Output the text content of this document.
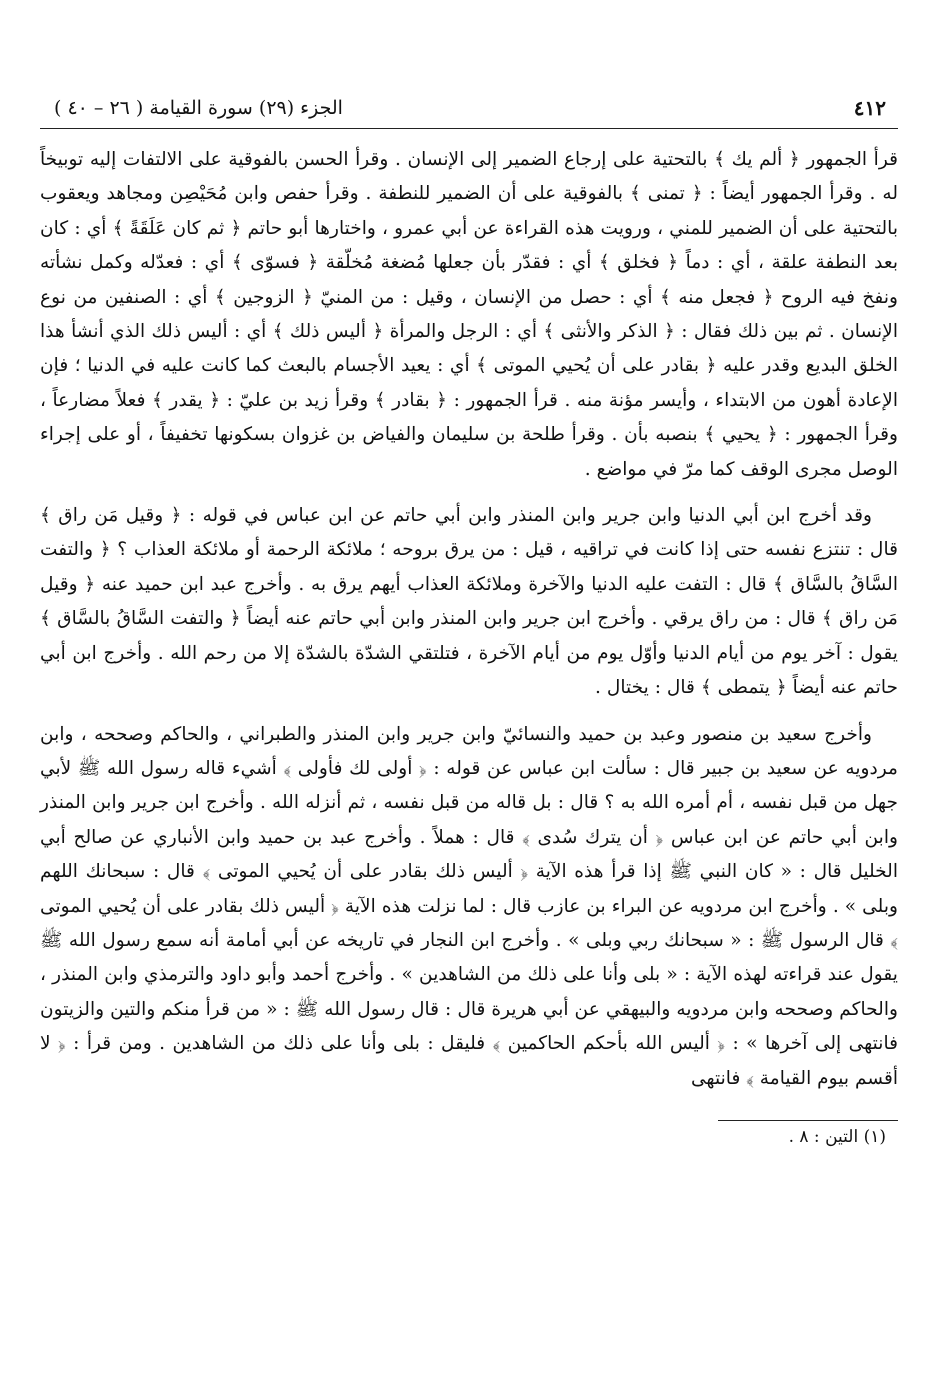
٤١٢
الجزء (٢٩) سورة القيامة ( ٢٦ – ٤٠ )

قرأ الجمهور ﴿ ألم يك ﴾ بالتحتية على إرجاع الضمير إلى الإنسان . وقرأ الحسن بالفوقية على الالتفات إليه توبيخاً له . وقرأ الجمهور أيضاً : ﴿ تمنى ﴾ بالفوقية على أن الضمير للنطفة . وقرأ حفص وابن مُحَيْصِن ومجاهد ويعقوب بالتحتية على أن الضمير للمني ، ورويت هذه القراءة عن أبي عمرو ، واختارها أبو حاتم ﴿ ثم كان عَلَقَةً ﴾ أي : كان بعد النطفة علقة ، أي : دماً ﴿ فخلق ﴾ أي : فقدّر بأن جعلها مُضغة مُخلّقة ﴿ فسوّى ﴾ أي : فعدّله وكمل نشأته ونفخ فيه الروح ﴿ فجعل منه ﴾ أي : حصل من الإنسان ، وقيل : من المنيّ ﴿ الزوجين ﴾ أي : الصنفين من نوع الإنسان . ثم بين ذلك فقال : ﴿ الذكر والأنثى ﴾ أي : الرجل والمرأة ﴿ أليس ذلك ﴾ أي : أليس ذلك الذي أنشأ هذا الخلق البديع وقدر عليه ﴿ بقادر على أن يُحيي الموتى ﴾ أي : يعيد الأجسام بالبعث كما كانت عليه في الدنيا ؛ فإن الإعادة أهون من الابتداء ، وأيسر مؤنة منه . قرأ الجمهور : ﴿ بقادر ﴾ وقرأ زيد بن عليّ : ﴿ يقدر ﴾ فعلاً مضارعاً ، وقرأ الجمهور : ﴿ يحيي ﴾ بنصبه بأن . وقرأ طلحة بن سليمان والفياض بن غزوان بسكونها تخفيفاً ، أو على إجراء الوصل مجرى الوقف كما مرّ في مواضع .

وقد أخرج ابن أبي الدنيا وابن جرير وابن المنذر وابن أبي حاتم عن ابن عباس في قوله : ﴿ وقيل مَن راق ﴾ قال : تنتزع نفسه حتى إذا كانت في تراقيه ، قيل : من يرق بروحه ؛ ملائكة الرحمة أو ملائكة العذاب ؟ ﴿ والتفت السَّاقُ بالسَّاق ﴾ قال : التفت عليه الدنيا والآخرة وملائكة العذاب أيهم يرق به . وأخرج عبد ابن حميد عنه ﴿ وقيل مَن راق ﴾ قال : من راق يرقي . وأخرج ابن جرير وابن المنذر وابن أبي حاتم عنه أيضاً ﴿ والتفت السَّاقُ بالسَّاق ﴾ يقول : آخر يوم من أيام الدنيا وأوّل يوم من أيام الآخرة ، فتلتقي الشدّة بالشدّة إلا من رحم الله . وأخرج ابن أبي حاتم عنه أيضاً ﴿ يتمطى ﴾ قال : يختال .

وأخرج سعيد بن منصور وعبد بن حميد والنسائيّ وابن جرير وابن المنذر والطبراني ، والحاكم وصححه ، وابن مردويه عن سعيد بن جبير قال : سألت ابن عباس عن قوله : ﴿ أولى لك فأولى ﴾ أشيء قاله رسول الله ﷺ لأبي جهل من قبل نفسه ، أم أمره الله به ؟ قال : بل قاله من قبل نفسه ، ثم أنزله الله . وأخرج ابن جرير وابن المنذر وابن أبي حاتم عن ابن عباس ﴿ أن يترك سُدى ﴾ قال : هملاً . وأخرج عبد بن حميد وابن الأنباري عن صالح أبي الخليل قال : « كان النبي ﷺ إذا قرأ هذه الآية ﴿ أليس ذلك بقادر على أن يُحيي الموتى ﴾ قال : سبحانك اللهم وبلى » . وأخرج ابن مردويه عن البراء بن عازب قال : لما نزلت هذه الآية ﴿ أليس ذلك بقادر على أن يُحيي الموتى ﴾ قال الرسول ﷺ : « سبحانك ربي وبلى » . وأخرج ابن النجار في تاريخه عن أبي أمامة أنه سمع رسول الله ﷺ يقول عند قراءته لهذه الآية : « بلى وأنا على ذلك من الشاهدين » . وأخرج أحمد وأبو داود والترمذي وابن المنذر ، والحاكم وصححه وابن مردويه والبيهقي عن أبي هريرة قال : قال رسول الله ﷺ : « من قرأ منكم والتين والزيتون فانتهى إلى آخرها » : ﴿ أليس الله بأحكم الحاكمين ﴾ فليقل : بلى وأنا على ذلك من الشاهدين . ومن قرأ : ﴿ لا أقسم بيوم القيامة ﴾ فانتهى

(١) التين : ٨ .
